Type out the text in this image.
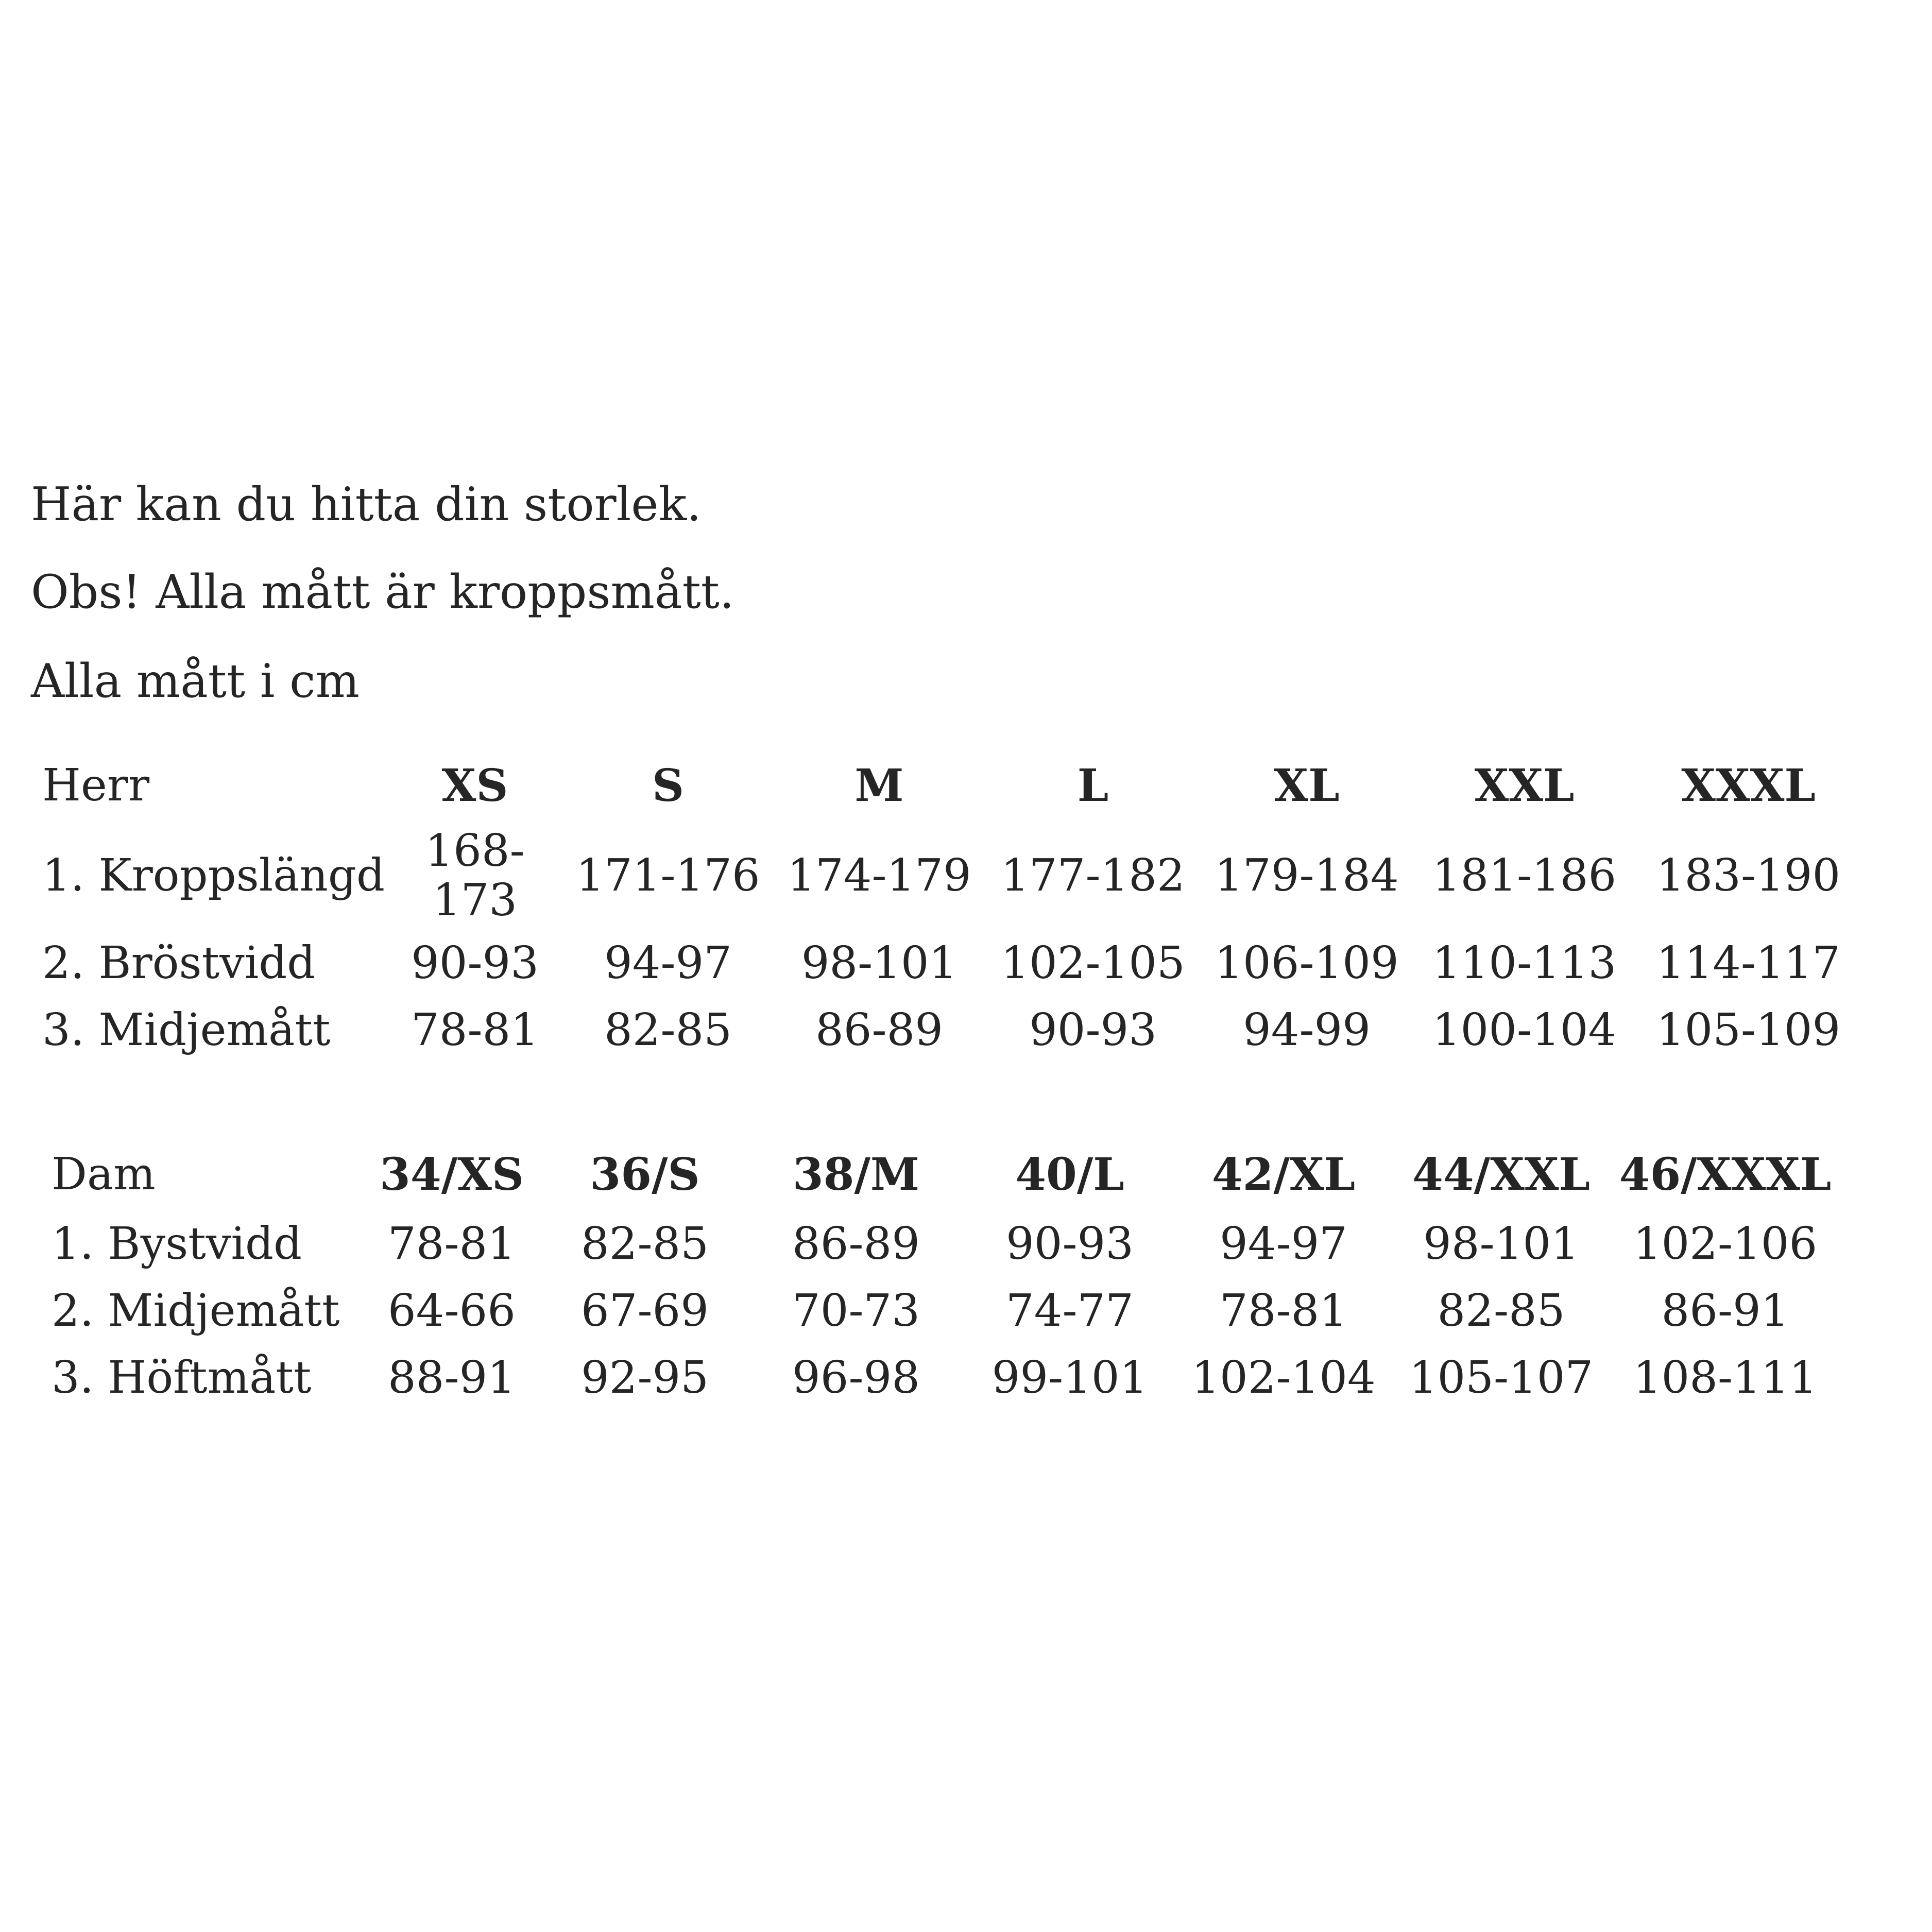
Här kan du hitta din storlek.
Obs! Alla mått är kroppsmått.
Alla mått i cm
Herr	XS	S	M	L	XL	XXL	XXXL
1. Kroppslängd	168-173	171-176	174-179	177-182	179-184	181-186	183-190
2. Bröstvidd	90-93	94-97	98-101	102-105	106-109	110-113	114-117
3. Midjemått	78-81	82-85	86-89	90-93	94-99	100-104	105-109
Dam	34/XS	36/S	38/M	40/L	42/XL	44/XXL	46/XXXL
1. Bystvidd	78-81	82-85	86-89	90-93	94-97	98-101	102-106
2. Midjemått	64-66	67-69	70-73	74-77	78-81	82-85	86-91
3. Höftmått	88-91	92-95	96-98	99-101	102-104	105-107	108-111
